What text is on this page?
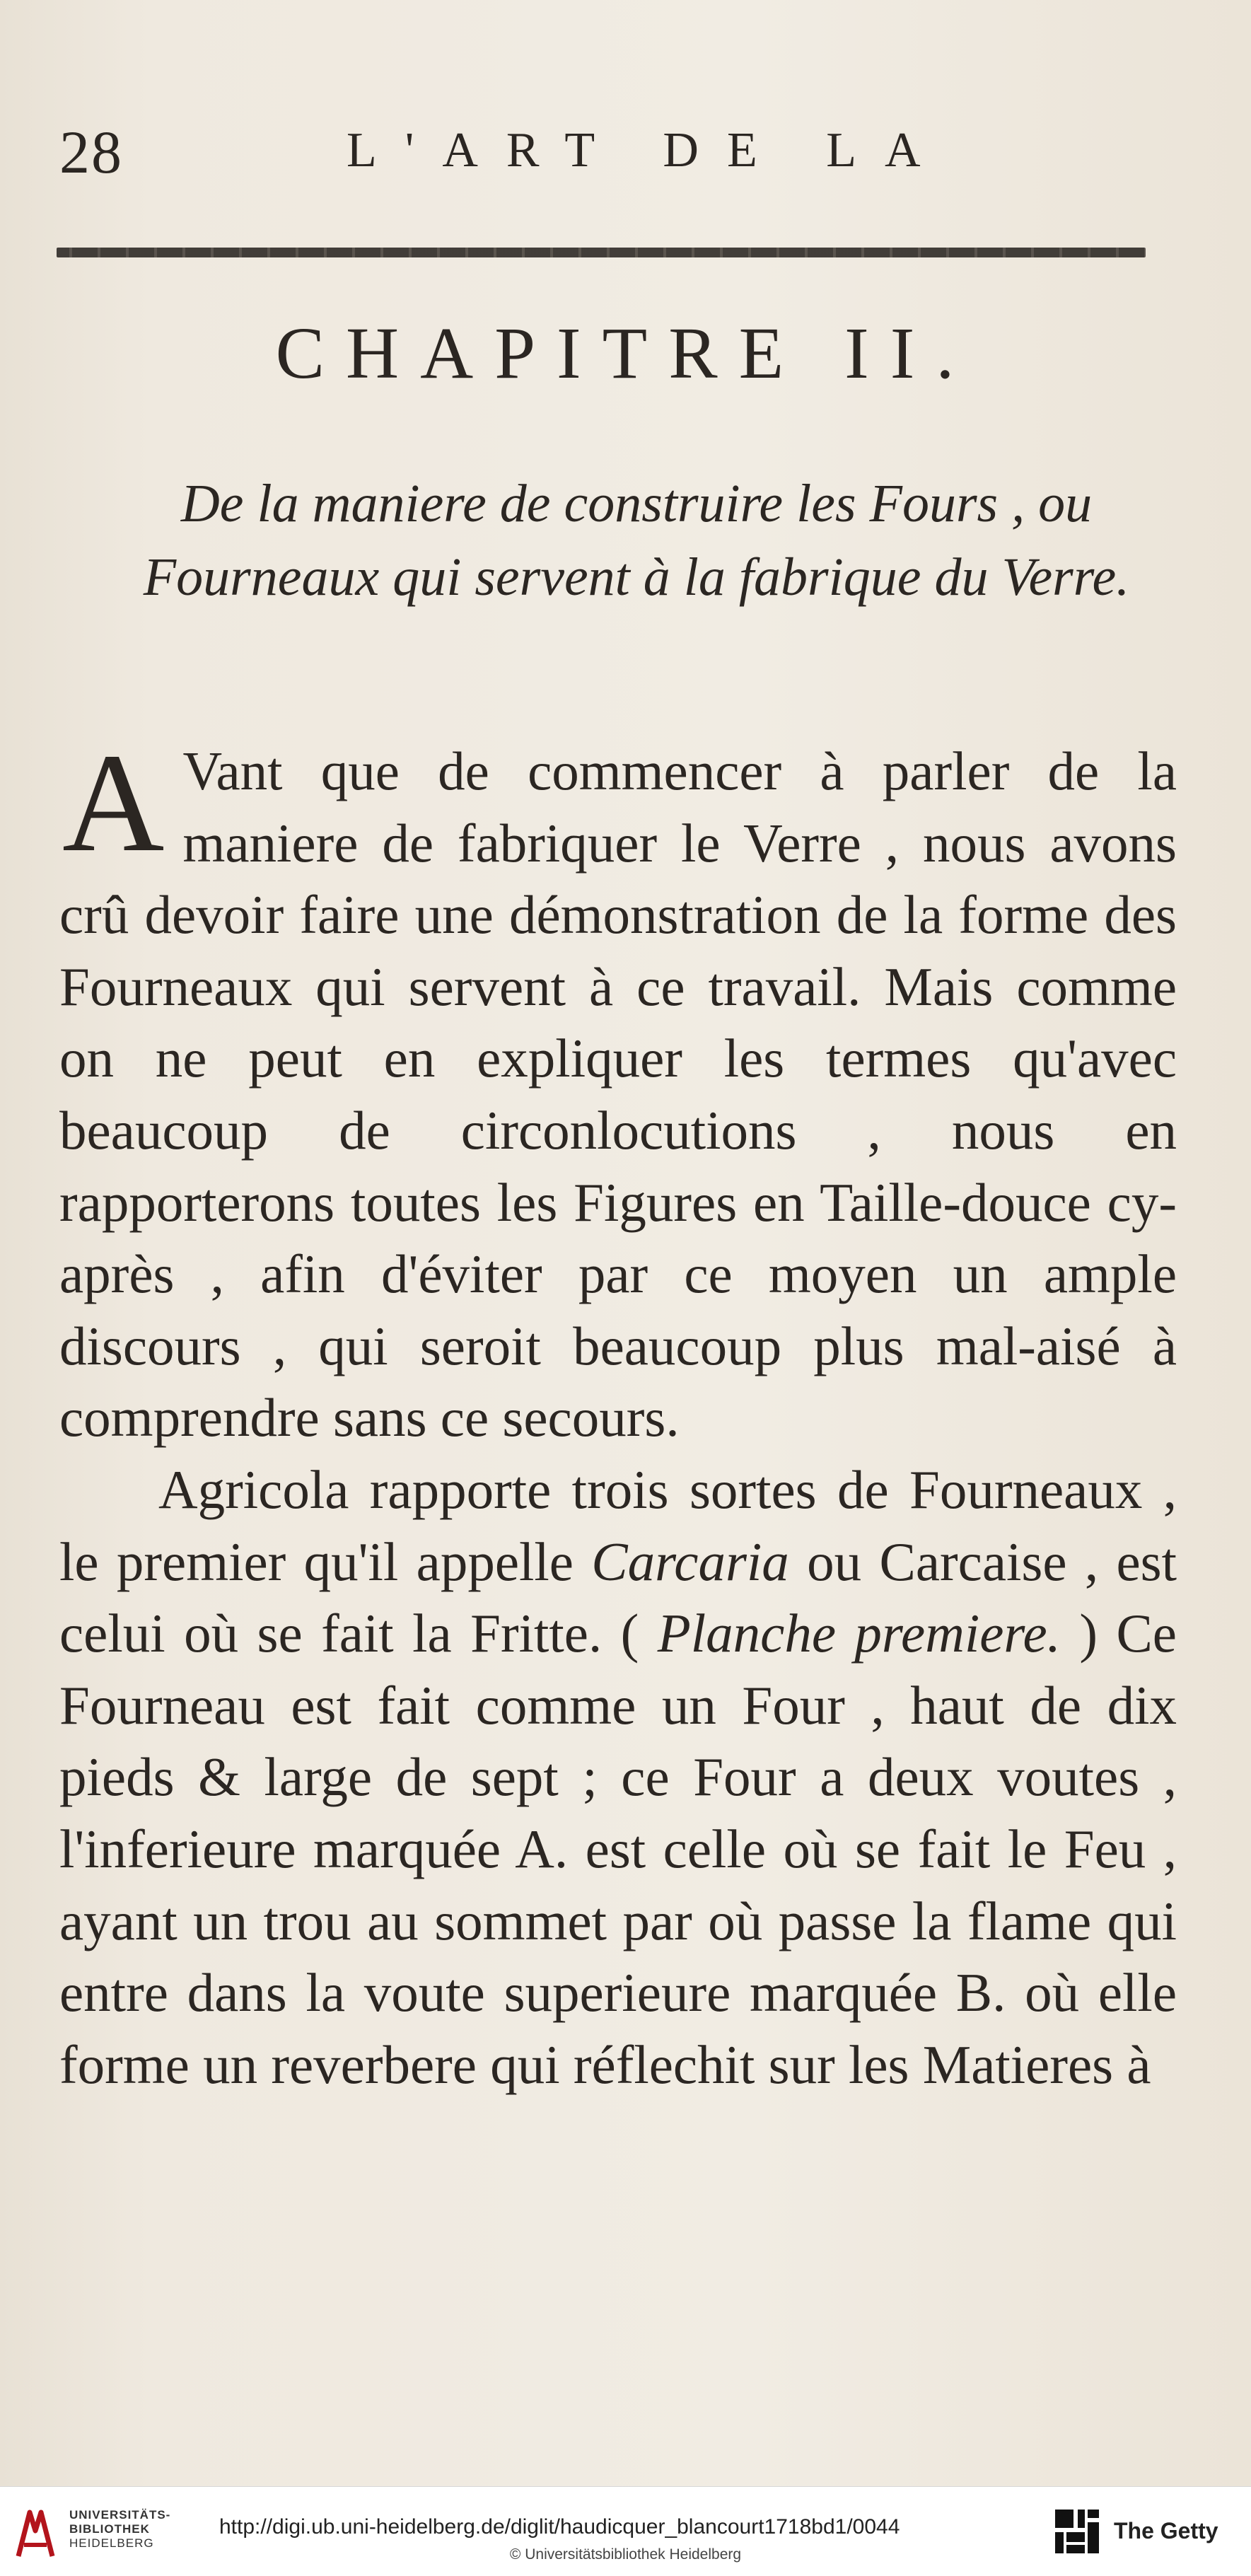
28	L'ART DE LA
CHAPITRE II.
De la maniere de construire les Fours , ou Fourneaux qui servent à la fabrique du Verre.

A Vant que de commencer à parler de la maniere de fabriquer le Verre , nous avons crû devoir faire une démonstration de la forme des Fourneaux qui servent à ce travail. Mais comme on ne peut en expliquer les termes qu'avec beaucoup de circonlocutions , nous en rapporterons toutes les Figures en Taille-douce cy-après , afin d'éviter par ce moyen un ample discours , qui seroit beaucoup plus mal-aisé à comprendre sans ce secours.

Agricola rapporte trois sortes de Fourneaux , le premier qu'il appelle Carcaria ou Carcaise , est celui où se fait la Fritte. ( Planche premiere. ) Ce Fourneau est fait comme un Four , haut de dix pieds & large de sept ; ce Four a deux voutes , l'inferieure marquée A. est celle où se fait le Feu , ayant un trou au sommet par où passe la flame qui entre dans la voute superieure marquée B. où elle forme un reverbere qui réflechit sur les Matieres à

UNIVERSITÄTS-
BIBLIOTHEK
HEIDELBERG
http://digi.ub.uni-heidelberg.de/diglit/haudicquer_blancourt1718bd1/0044
© Universitätsbibliothek Heidelberg
The Getty
